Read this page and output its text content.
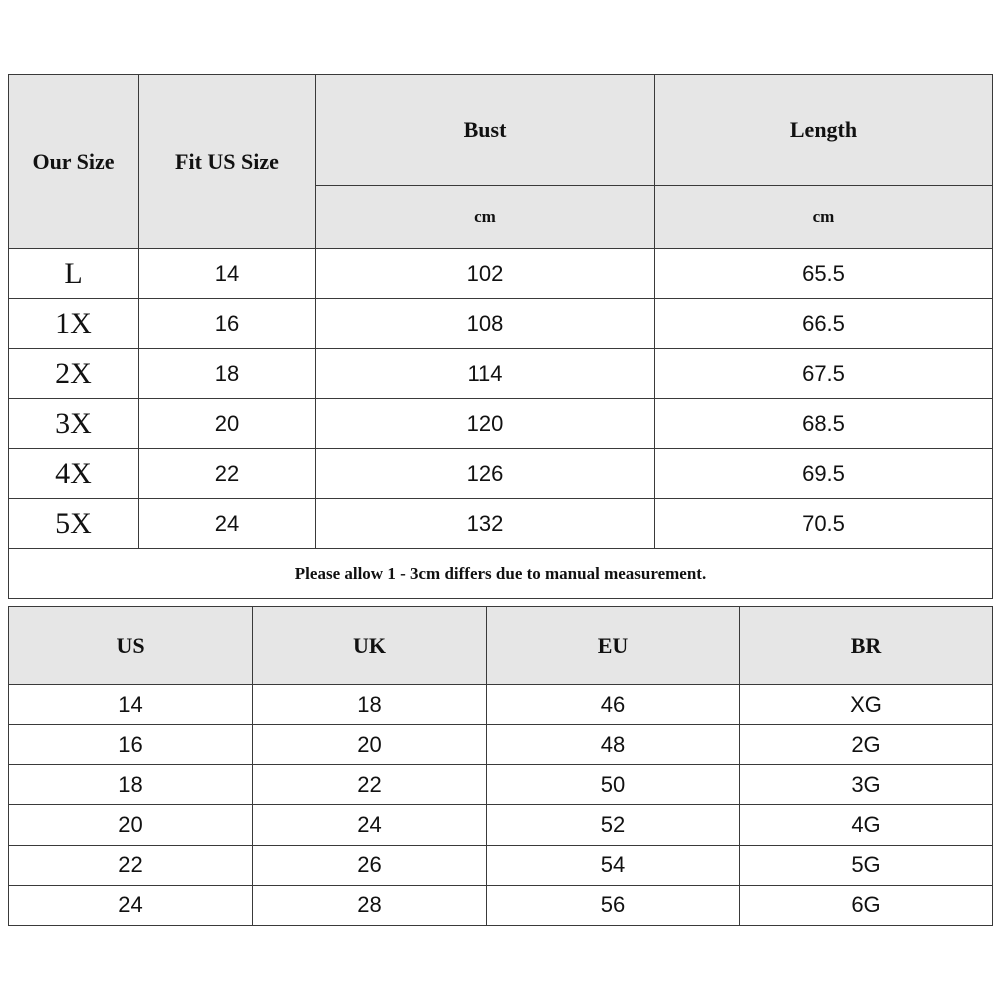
Our Size	Fit US Size	Bust	Length
		cm	cm
L	14	102	65.5
1X	16	108	66.5
2X	18	114	67.5
3X	20	120	68.5
4X	22	126	69.5
5X	24	132	70.5
Please allow 1 - 3cm differs due to manual measurement.			
US	UK	EU	BR
14	18	46	XG
16	20	48	2G
18	22	50	3G
20	24	52	4G
22	26	54	5G
24	28	56	6G
